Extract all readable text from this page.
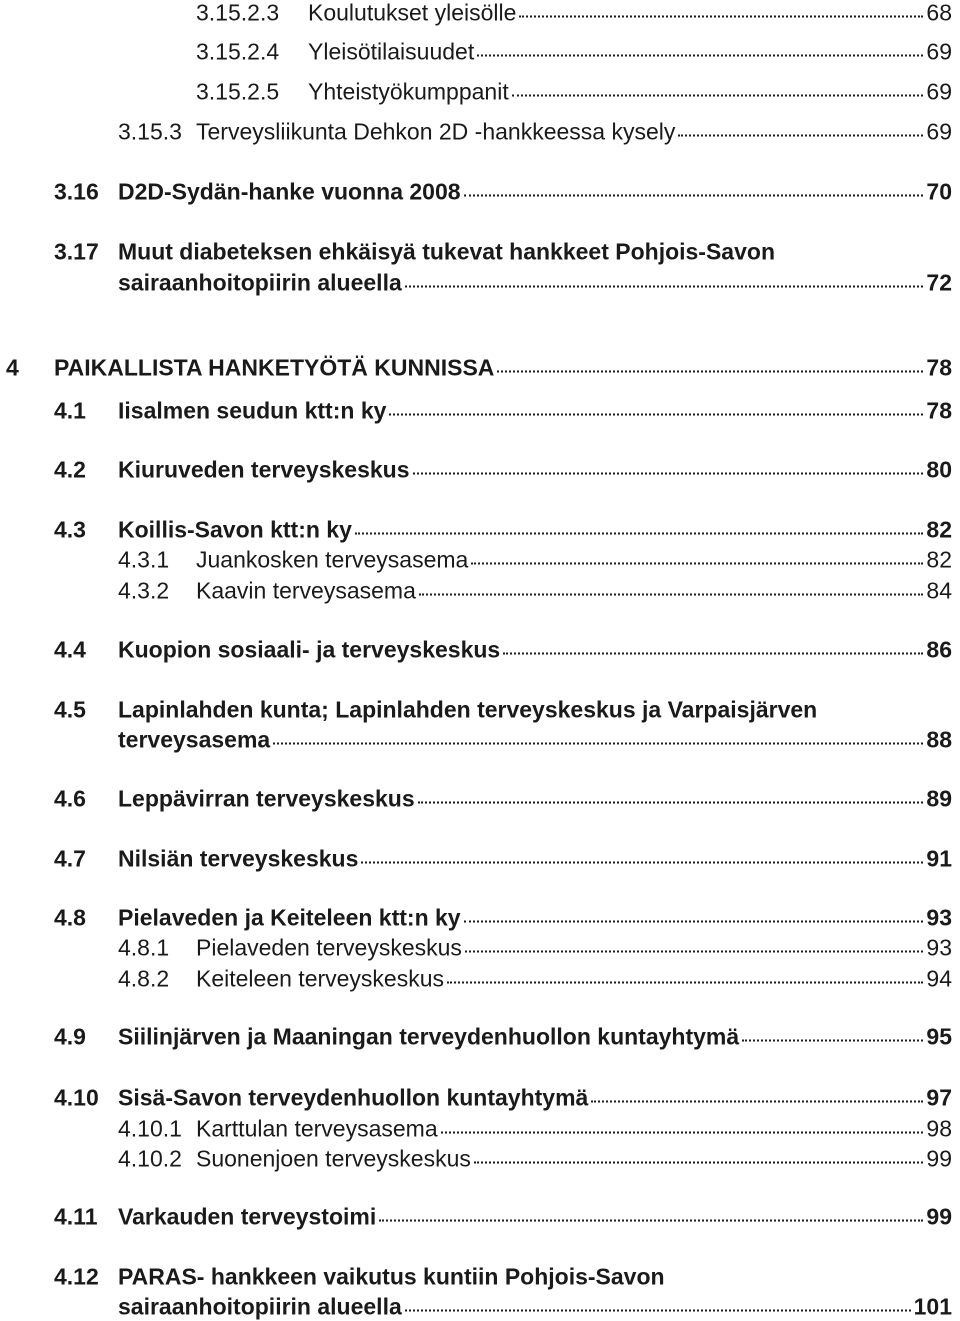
3.15.2.3 Koulutukset yleisölle	68
3.15.2.4 Yleisötilaisuudet	69
3.15.2.5 Yhteistyökumppanit	69
3.15.3 Terveysliikunta Dehkon 2D -hankkeessa kysely	69
3.16 D2D-Sydän-hanke vuonna 2008	70
3.17 Muut diabeteksen ehkäisyä tukevat hankkeet Pohjois-Savon
sairaanhoitopiirin alueella	72
4 PAIKALLISTA HANKETYÖTÄ KUNNISSA	78
4.1 Iisalmen seudun ktt:n ky	78
4.2 Kiuruveden terveyskeskus	80
4.3 Koillis-Savon ktt:n ky	82
4.3.1 Juankosken terveysasema	82
4.3.2 Kaavin terveysasema	84
4.4 Kuopion sosiaali- ja terveyskeskus	86
4.5 Lapinlahden kunta; Lapinlahden terveyskeskus ja Varpaisjärven
terveysasema	88
4.6 Leppävirran terveyskeskus	89
4.7 Nilsiän terveyskeskus	91
4.8 Pielaveden ja Keiteleen ktt:n ky	93
4.8.1 Pielaveden terveyskeskus	93
4.8.2 Keiteleen terveyskeskus	94
4.9 Siilinjärven ja Maaningan terveydenhuollon kuntayhtymä	95
4.10 Sisä-Savon terveydenhuollon kuntayhtymä	97
4.10.1 Karttulan terveysasema	98
4.10.2 Suonenjoen terveyskeskus	99
4.11 Varkauden terveystoimi	99
4.12 PARAS- hankkeen vaikutus kuntiin Pohjois-Savon
sairaanhoitopiirin alueella	101
